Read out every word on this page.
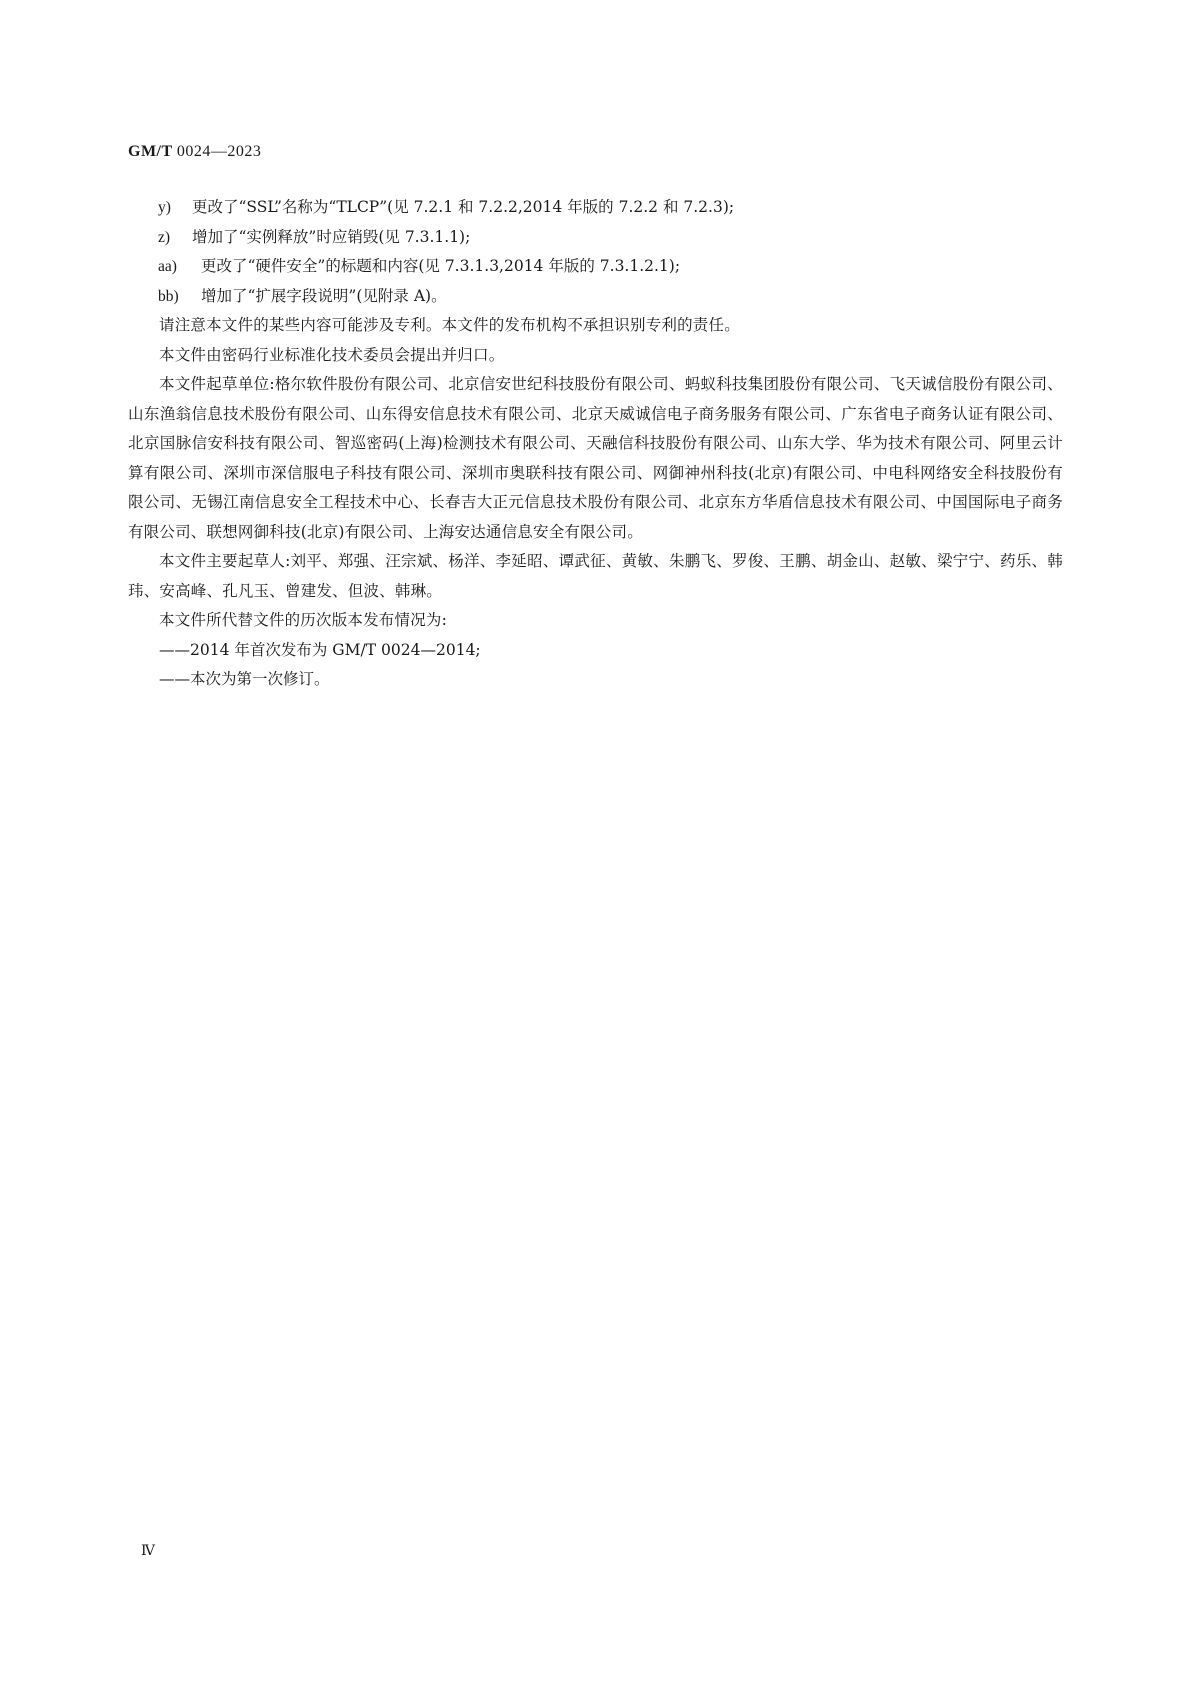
GM/T 0024—2023
y)	更改了“SSL”名称为“TLCP”(见 7.2.1 和 7.2.2,2014 年版的 7.2.2 和 7.2.3);
z)	增加了“实例释放”时应销毁(见 7.3.1.1);
aa)	更改了“硬件安全”的标题和内容(见 7.3.1.3,2014 年版的 7.3.1.2.1);
bb)	增加了“扩展字段说明”(见附录 A)。

请注意本文件的某些内容可能涉及专利。本文件的发布机构不承担识别专利的责任。

本文件由密码行业标准化技术委员会提出并归口。

本文件起草单位:格尔软件股份有限公司、北京信安世纪科技股份有限公司、蚂蚁科技集团股份有限公司、飞天诚信股份有限公司、山东渔翁信息技术股份有限公司、山东得安信息技术有限公司、北京天威诚信电子商务服务有限公司、广东省电子商务认证有限公司、北京国脉信安科技有限公司、智巡密码(上海)检测技术有限公司、天融信科技股份有限公司、山东大学、华为技术有限公司、阿里云计算有限公司、深圳市深信服电子科技有限公司、深圳市奥联科技有限公司、网御神州科技(北京)有限公司、中电科网络安全科技股份有限公司、无锡江南信息安全工程技术中心、长春吉大正元信息技术股份有限公司、北京东方华盾信息技术有限公司、中国国际电子商务有限公司、联想网御科技(北京)有限公司、上海安达通信息安全有限公司。

本文件主要起草人:刘平、郑强、汪宗斌、杨洋、李延昭、谭武征、黄敏、朱鹏飞、罗俊、王鹏、胡金山、赵敏、梁宁宁、药乐、韩玮、安高峰、孔凡玉、曾建发、但波、韩琳。

本文件所代替文件的历次版本发布情况为:

——2014 年首次发布为 GM/T 0024—2014;

——本次为第一次修订。

Ⅳ
